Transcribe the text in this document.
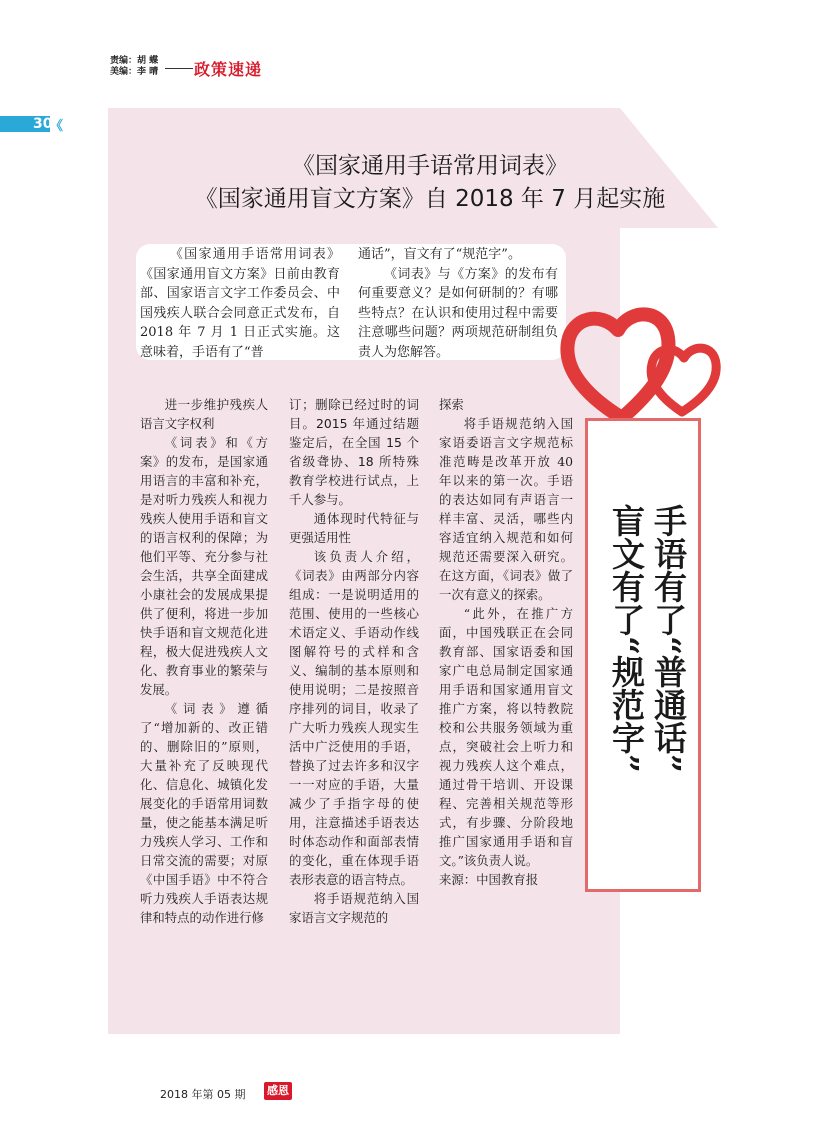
责编：胡 蝶
美编：李 晴 政策速递
30
《
《国家通用手语常用词表》
《国家通用盲文方案》自 2018 年 7 月起实施
《国家通用手语常用词表》《国家通用盲文方案》日前由教育部、国家语言文字工作委员会、中国残疾人联合会同意正式发布，自 2018 年 7 月 1 日正式实施。这意味着，手语有了“普
通话”，盲文有了“规范字”。
《词表》与《方案》的发布有何重要意义？是如何研制的？有哪些特点？在认识和使用过程中需要注意哪些问题？两项规范研制组负责人为您解答。

进一步维护残疾人语言文字权利

《词表》和《方案》的发布，是国家通用语言的丰富和补充，是对听力残疾人和视力残疾人使用手语和盲文的语言权利的保障；为他们平等、充分参与社会生活，共享全面建成小康社会的发展成果提供了便利，将进一步加快手语和盲文规范化进程，极大促进残疾人文化、教育事业的繁荣与发展。

《词表》遵循了“增加新的、改正错的、删除旧的”原则，大量补充了反映现代化、信息化、城镇化发展变化的手语常用词数量，使之能基本满足听力残疾人学习、工作和日常交流的需要；对原《中国手语》中不符合听力残疾人手语表达规律和特点的动作进行修

订；删除已经过时的词目。2015 年通过结题鉴定后，在全国 15 个省级聋协、18 所特殊教育学校进行试点，上千人参与。

通体现时代特征与更强适用性

该负责人介绍，《词表》由两部分内容组成：一是说明适用的范围、使用的一些核心术语定义、手语动作线图解符号的式样和含义、编制的基本原则和使用说明；二是按照音序排列的词目，收录了广大听力残疾人现实生活中广泛使用的手语，替换了过去许多和汉字一一对应的手语，大量减少了手指字母的使用，注意描述手语表达时体态动作和面部表情的变化，重在体现手语表形表意的语言特点。

将手语规范纳入国家语言文字规范的

探索

将手语规范纳入国家语委语言文字规范标准范畴是改革开放 40 年以来的第一次。手语的表达如同有声语言一样丰富、灵活，哪些内容适宜纳入规范和如何规范还需要深入研究。在这方面，《词表》做了一次有意义的探索。

“此外，在推广方面，中国残联正在会同教育部、国家语委和国家广电总局制定国家通用手语和国家通用盲文推广方案，将以特教院校和公共服务领域为重点，突破社会上听力和视力残疾人这个难点，通过骨干培训、开设课程、完善相关规范等形式，有步骤、分阶段地推广国家通用手语和盲文。”该负责人说。

来源：中国教育报

手语有了“普通话”
盲文有了“规范字”
2018 年第 05 期 感恩
